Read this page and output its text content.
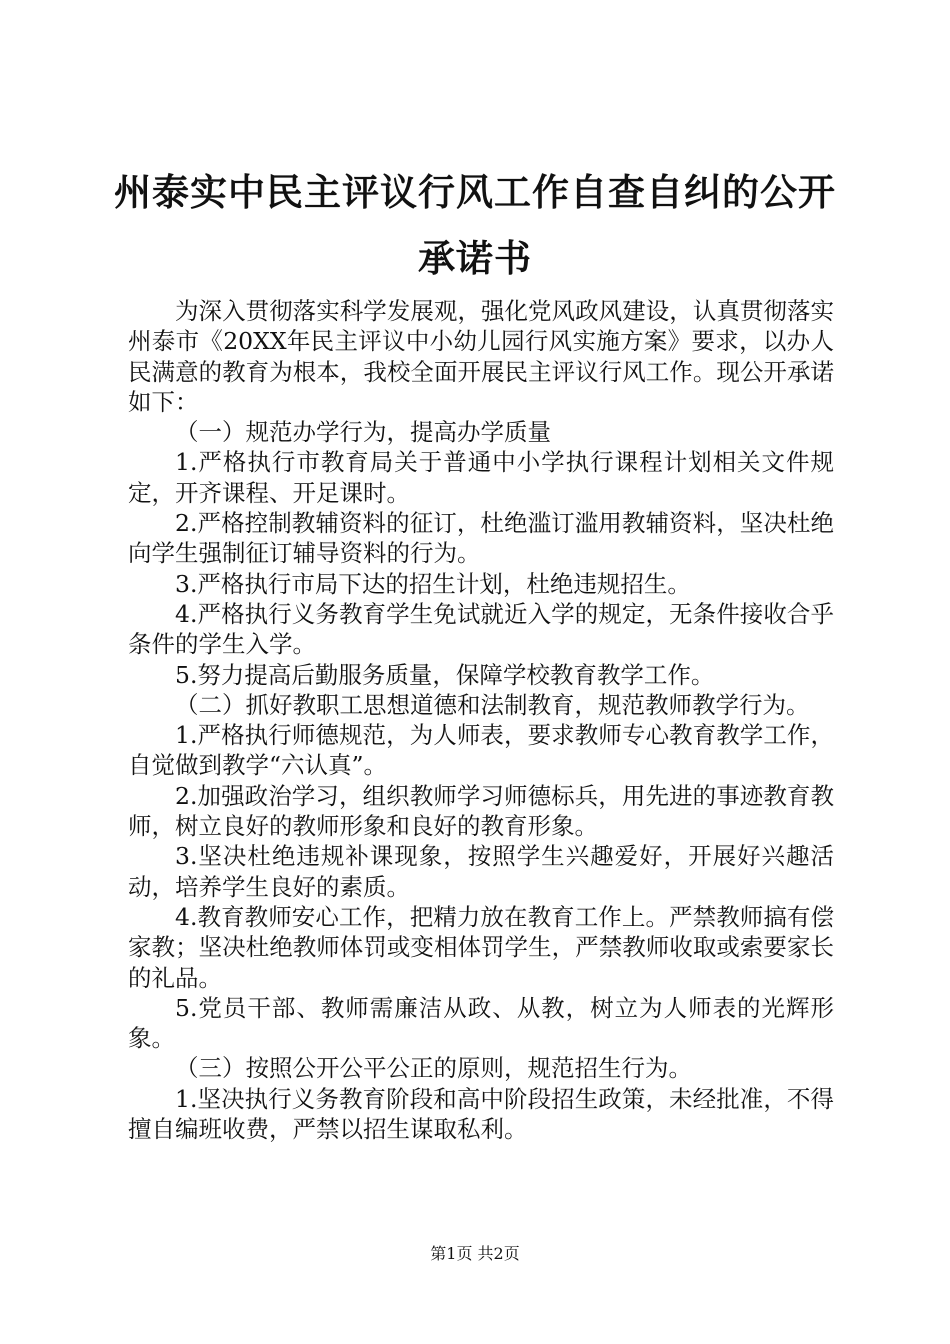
州泰实中民主评议行风工作自查自纠的公开承诺书

为深入贯彻落实科学发展观，强化党风政风建设，认真贯彻落实州泰市《20XX年民主评议中小幼儿园行风实施方案》要求，以办人民满意的教育为根本，我校全面开展民主评议行风工作。现公开承诺如下：

（一）规范办学行为，提高办学质量

1.严格执行市教育局关于普通中小学执行课程计划相关文件规定，开齐课程、开足课时。

2.严格控制教辅资料的征订，杜绝滥订滥用教辅资料，坚决杜绝向学生强制征订辅导资料的行为。

3.严格执行市局下达的招生计划，杜绝违规招生。

4.严格执行义务教育学生免试就近入学的规定，无条件接收合乎条件的学生入学。

5.努力提高后勤服务质量，保障学校教育教学工作。

（二）抓好教职工思想道德和法制教育，规范教师教学行为。

1.严格执行师德规范，为人师表，要求教师专心教育教学工作，自觉做到教学“六认真”。

2.加强政治学习，组织教师学习师德标兵，用先进的事迹教育教师，树立良好的教师形象和良好的教育形象。

3.坚决杜绝违规补课现象，按照学生兴趣爱好，开展好兴趣活动，培养学生良好的素质。

4.教育教师安心工作，把精力放在教育工作上。严禁教师搞有偿家教；坚决杜绝教师体罚或变相体罚学生，严禁教师收取或索要家长的礼品。

5.党员干部、教师需廉洁从政、从教，树立为人师表的光辉形象。

（三）按照公开公平公正的原则，规范招生行为。

1.坚决执行义务教育阶段和高中阶段招生政策，未经批准，不得擅自编班收费，严禁以招生谋取私利。

第1页 共2页
